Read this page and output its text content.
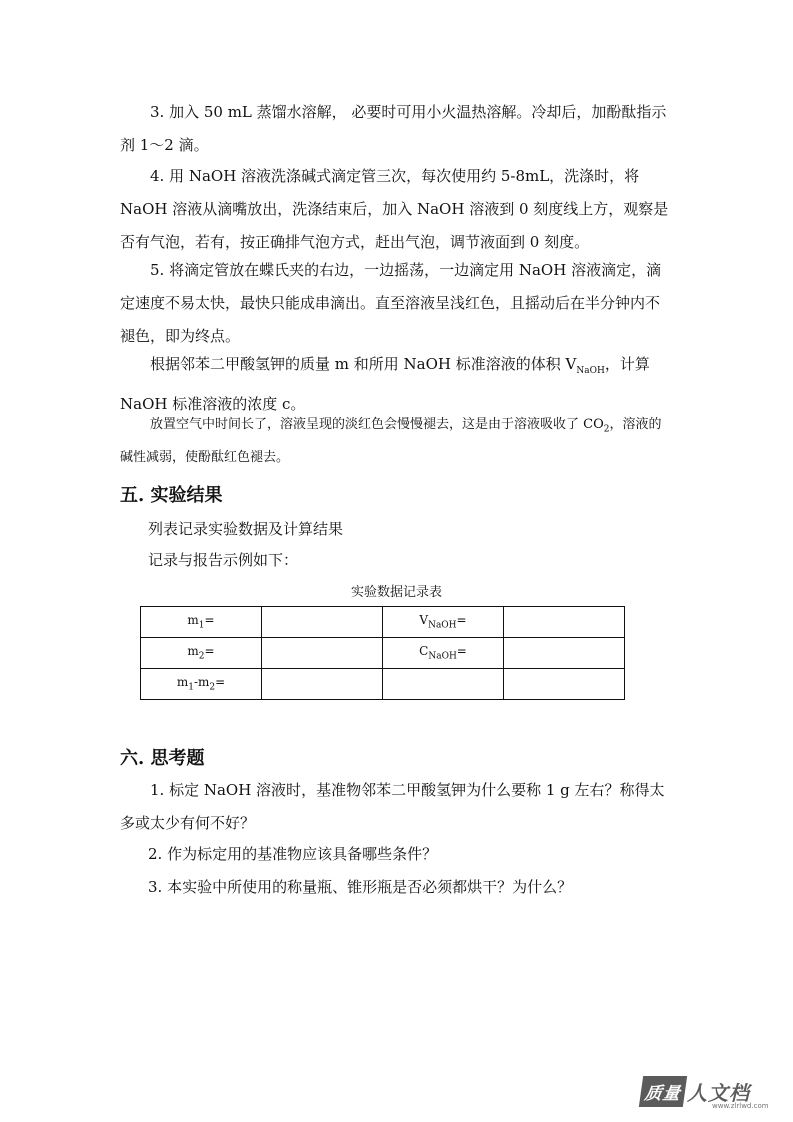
3. 加入 50 mL 蒸馏水溶解， 必要时可用小火温热溶解。冷却后，加酚酞指示剂 1～2 滴。
4. 用 NaOH 溶液洗涤碱式滴定管三次，每次使用约 5-8mL，洗涤时，将 NaOH 溶液从滴嘴放出，洗涤结束后，加入 NaOH 溶液到 0 刻度线上方，观察是否有气泡，若有，按正确排气泡方式，赶出气泡，调节液面到 0 刻度。
5. 将滴定管放在蝶氏夹的右边，一边摇荡，一边滴定用 NaOH 溶液滴定，滴定速度不易太快，最快只能成串滴出。直至溶液呈浅红色，且摇动后在半分钟内不褪色，即为终点。
根据邻苯二甲酸氢钾的质量 m 和所用 NaOH 标准溶液的体积 $V_{NaOH}$，计算 NaOH 标准溶液的浓度 c。
放置空气中时间长了，溶液呈现的淡红色会慢慢褪去，这是由于溶液吸收了 $CO_2$，溶液的碱性减弱，使酚酞红色褪去。
五. 实验结果
列表记录实验数据及计算结果
记录与报告示例如下：
实验数据记录表
$m_1=$		$V_{NaOH}=$	
$m_2=$		$C_{NaOH}=$	
$m_1-m_2=$			
六. 思考题
1. 标定 NaOH 溶液时，基准物邻苯二甲酸氢钾为什么要称 1 g 左右？称得太多或太少有何不好？
2. 作为标定用的基准物应该具备哪些条件？
3. 本实验中所使用的称量瓶、锥形瓶是否必须都烘干？为什么？
质量 人文档
www.zlrlwd.com
